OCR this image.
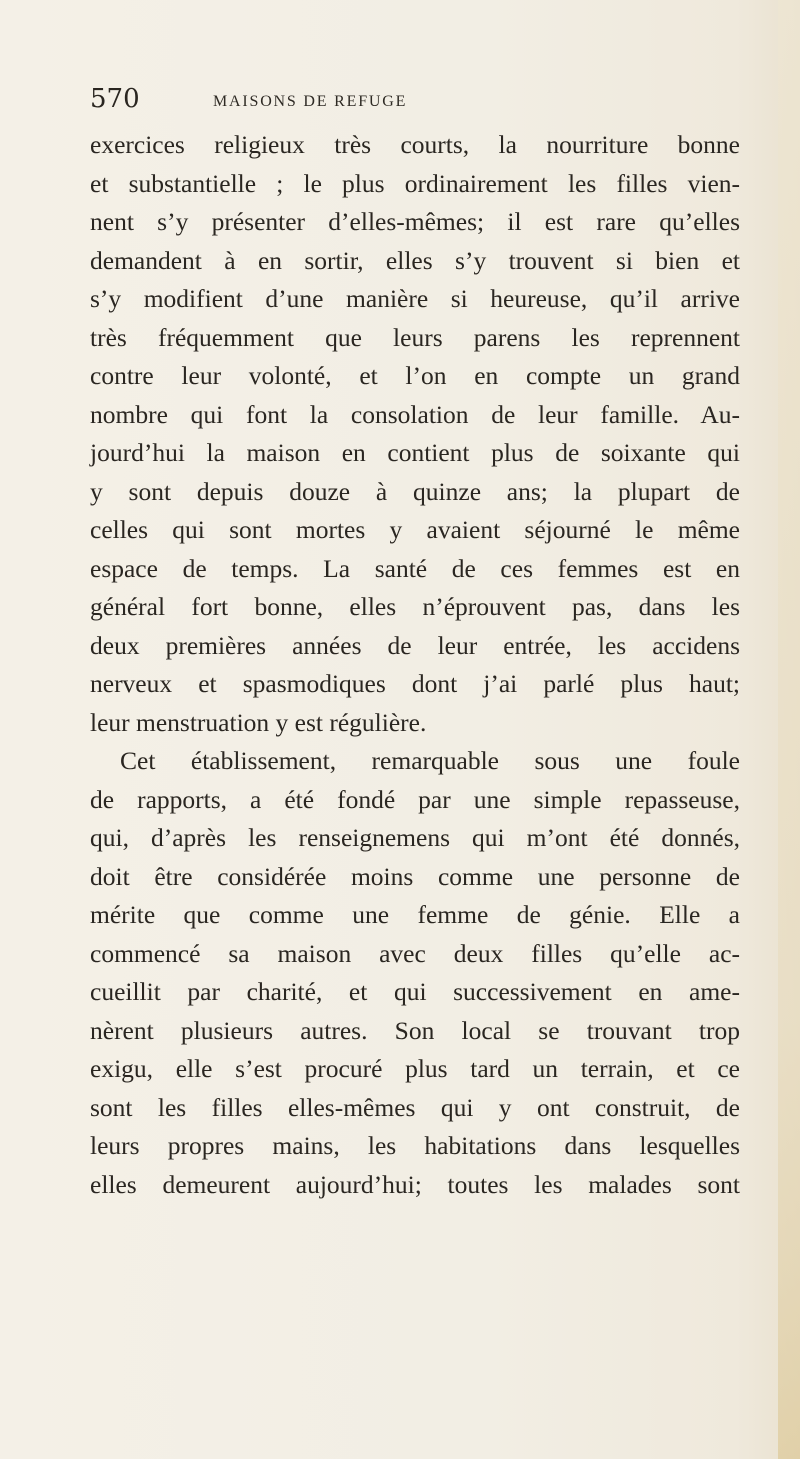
570	MAISONS DE REFUGE
exercices religieux très courts, la nourriture bonne
et substantielle ; le plus ordinairement les filles vien-
nent s’y présenter d’elles-mêmes; il est rare qu’elles
demandent à en sortir, elles s’y trouvent si bien et
s’y modifient d’une manière si heureuse, qu’il arrive
très fréquemment que leurs parens les reprennent
contre leur volonté, et l’on en compte un grand
nombre qui font la consolation de leur famille. Au-
jourd’hui la maison en contient plus de soixante qui
y sont depuis douze à quinze ans; la plupart de
celles qui sont mortes y avaient séjourné le même
espace de temps. La santé de ces femmes est en
général fort bonne, elles n’éprouvent pas, dans les
deux premières années de leur entrée, les accidens
nerveux et spasmodiques dont j’ai parlé plus haut;
leur menstruation y est régulière.
Cet établissement, remarquable sous une foule
de rapports, a été fondé par une simple repasseuse,
qui, d’après les renseignemens qui m’ont été donnés,
doit être considérée moins comme une personne de
mérite que comme une femme de génie. Elle a
commencé sa maison avec deux filles qu’elle ac-
cueillit par charité, et qui successivement en ame-
nèrent plusieurs autres. Son local se trouvant trop
exigu, elle s’est procuré plus tard un terrain, et ce
sont les filles elles-mêmes qui y ont construit, de
leurs propres mains, les habitations dans lesquelles
elles demeurent aujourd’hui; toutes les malades sont
